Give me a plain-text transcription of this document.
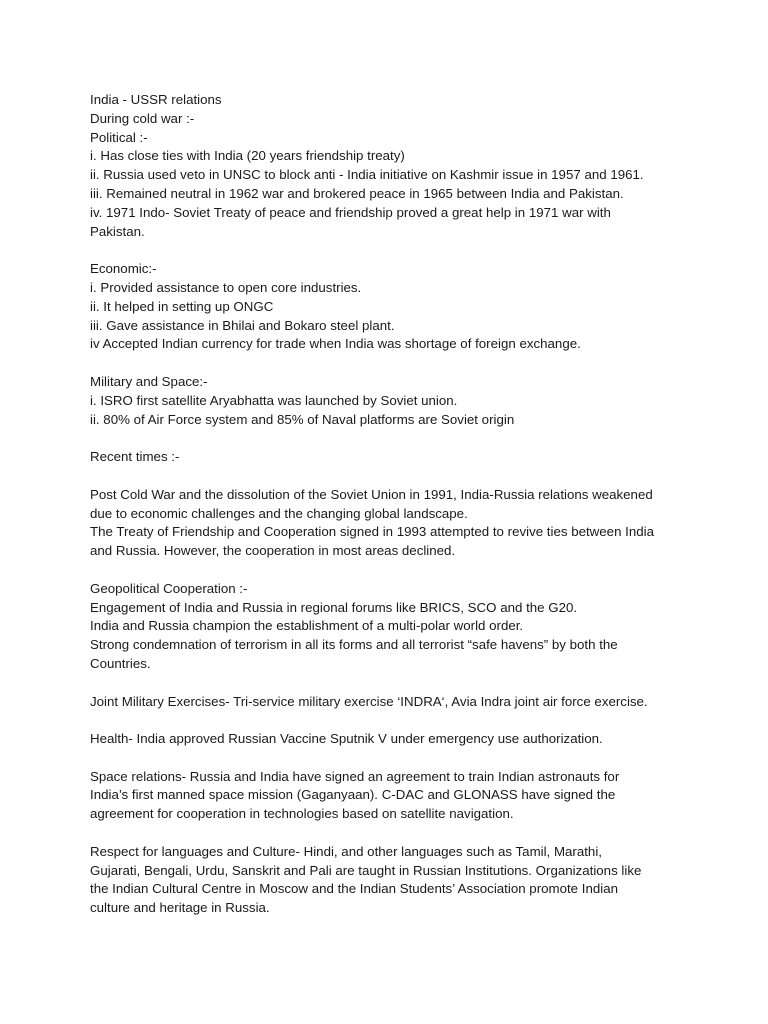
India - USSR relations
During cold war :-
Political :-
i. Has close ties with India (20 years friendship treaty)
ii. Russia used veto in UNSC to block anti - India initiative on Kashmir issue in 1957 and 1961.
iii. Remained neutral in 1962 war and brokered peace in 1965 between India and Pakistan.
iv. 1971 Indo- Soviet Treaty of peace and friendship proved a great help in 1971 war with
Pakistan.
Economic:-
i. Provided assistance to open core industries.
ii. It helped in setting up ONGC
iii. Gave assistance in Bhilai and Bokaro steel plant.
iv Accepted Indian currency for trade when India was shortage of foreign exchange.
Military and Space:-
i. ISRO first satellite Aryabhatta was launched by Soviet union.
ii. 80% of Air Force system and 85% of Naval platforms are Soviet origin
Recent times :-
Post Cold War and the dissolution of the Soviet Union in 1991, India-Russia relations weakened
due to economic challenges and the changing global landscape.
The Treaty of Friendship and Cooperation signed in 1993 attempted to revive ties between India
and Russia. However, the cooperation in most areas declined.
Geopolitical Cooperation :-
Engagement of India and Russia in regional forums like BRICS, SCO and the G20.
India and Russia champion the establishment of a multi-polar world order.
Strong condemnation of terrorism in all its forms and all terrorist “safe havens” by both the
Countries.
Joint Military Exercises- Tri-service military exercise ‘INDRA‘, Avia Indra joint air force exercise.
Health- India approved Russian Vaccine Sputnik V under emergency use authorization.
Space relations- Russia and India have signed an agreement to train Indian astronauts for
India’s first manned space mission (Gaganyaan). C-DAC and GLONASS have signed the
agreement for cooperation in technologies based on satellite navigation.
Respect for languages and Culture- Hindi, and other languages such as Tamil, Marathi,
Gujarati, Bengali, Urdu, Sanskrit and Pali are taught in Russian Institutions. Organizations like
the Indian Cultural Centre in Moscow and the Indian Students’ Association promote Indian
culture and heritage in Russia.
